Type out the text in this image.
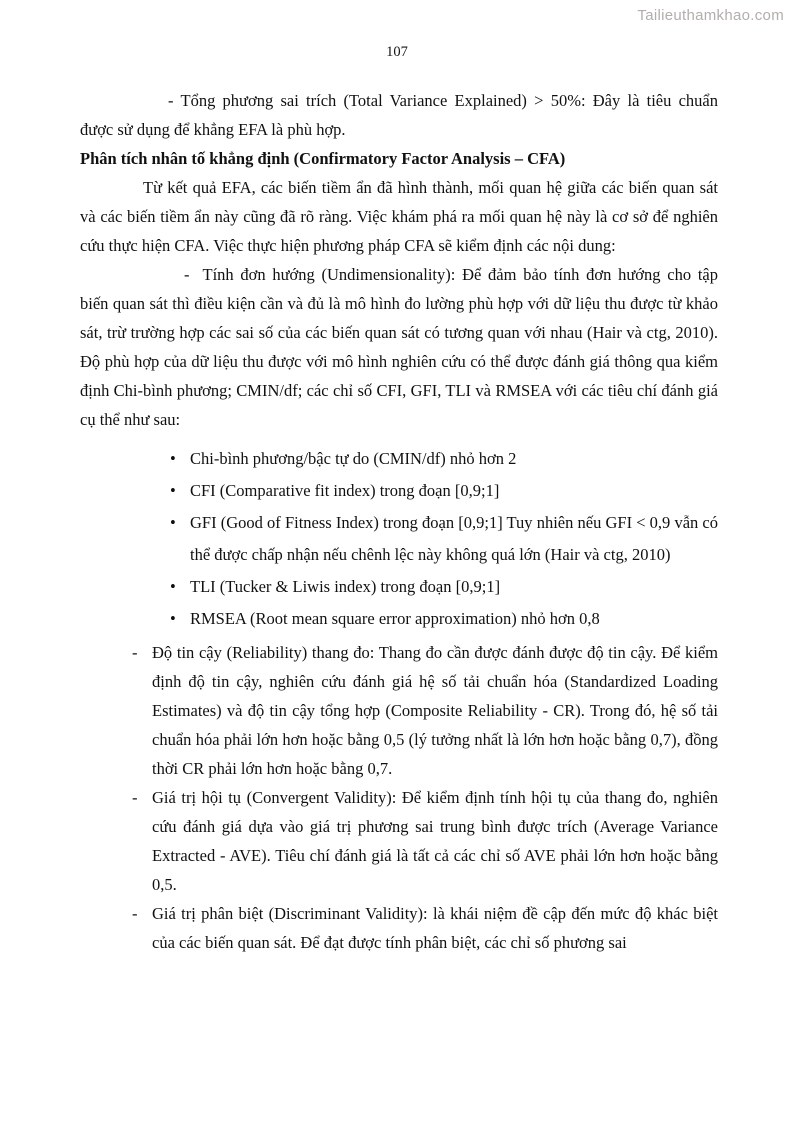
Tailieuthamkhao.com
107

- Tổng phương sai trích (Total Variance Explained) > 50%: Đây là tiêu chuẩn được sử dụng để khẳng EFA là phù hợp.

Phân tích nhân tố khẳng định (Confirmatory Factor Analysis – CFA)

Từ kết quả EFA, các biến tiềm ẩn đã hình thành, mối quan hệ giữa các biến quan sát và các biến tiềm ẩn này cũng đã rõ ràng. Việc khám phá ra mối quan hệ này là cơ sở để nghiên cứu thực hiện CFA. Việc thực hiện phương pháp CFA sẽ kiểm định các nội dung:

- Tính đơn hướng (Undimensionality): Để đảm bảo tính đơn hướng cho tập biến quan sát thì điều kiện cần và đủ là mô hình đo lường phù hợp với dữ liệu thu được từ khảo sát, trừ trường hợp các sai số của các biến quan sát có tương quan với nhau (Hair và ctg, 2010). Độ phù hợp của dữ liệu thu được với mô hình nghiên cứu có thể được đánh giá thông qua kiểm định Chi-bình phương; CMIN/df; các chỉ số CFI, GFI, TLI và RMSEA với các tiêu chí đánh giá cụ thể như sau:

• Chi-bình phương/bậc tự do (CMIN/df) nhỏ hơn 2
• CFI (Comparative fit index) trong đoạn [0,9;1]
• GFI (Good of Fitness Index) trong đoạn [0,9;1] Tuy nhiên nếu GFI < 0,9 vẫn có thể được chấp nhận nếu chênh lệc này không quá lớn (Hair và ctg, 2010)
• TLI (Tucker & Liwis index) trong đoạn [0,9;1]
• RMSEA (Root mean square error approximation) nhỏ hơn 0,8
- Độ tin cậy (Reliability) thang đo: Thang đo cần được đánh được độ tin cậy. Để kiểm định độ tin cậy, nghiên cứu đánh giá hệ số tải chuẩn hóa (Standardized Loading Estimates) và độ tin cậy tổng hợp (Composite Reliability - CR). Trong đó, hệ số tải chuẩn hóa phải lớn hơn hoặc bằng 0,5 (lý tưởng nhất là lớn hơn hoặc bằng 0,7), đồng thời CR phải lớn hơn hoặc bằng 0,7.
- Giá trị hội tụ (Convergent Validity): Để kiểm định tính hội tụ của thang đo, nghiên cứu đánh giá dựa vào giá trị phương sai trung bình được trích (Average Variance Extracted - AVE). Tiêu chí đánh giá là tất cả các chỉ số AVE phải lớn hơn hoặc bằng 0,5.
- Giá trị phân biệt (Discriminant Validity): là khái niệm đề cập đến mức độ khác biệt của các biến quan sát. Để đạt được tính phân biệt, các chỉ số phương sai
